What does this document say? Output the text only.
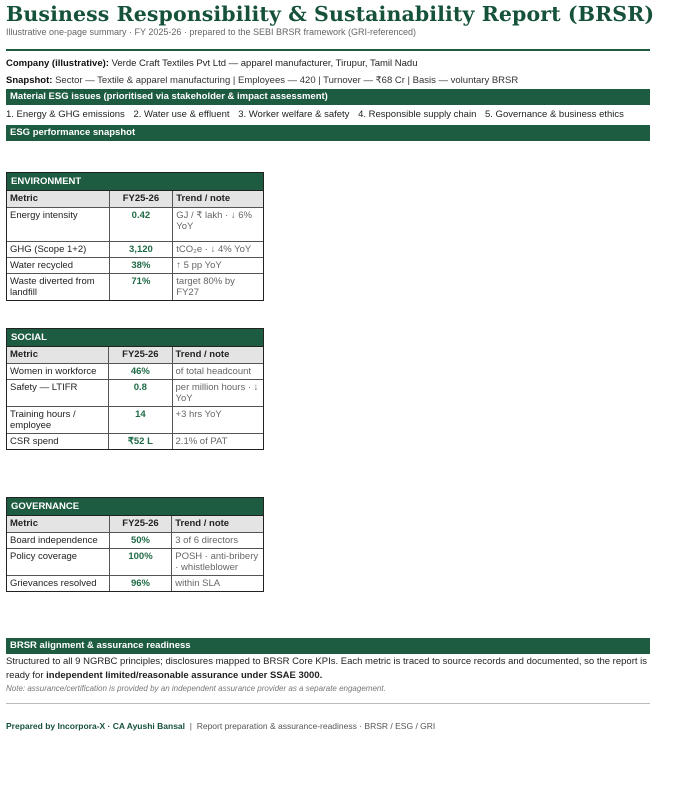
Business Responsibility & Sustainability Report (BRSR)
Illustrative one-page summary · FY 2025-26 · prepared to the SEBI BRSR framework (GRI-referenced)
Company (illustrative): Verde Craft Textiles Pvt Ltd — apparel manufacturer, Tirupur, Tamil Nadu
Snapshot: Sector — Textile & apparel manufacturing | Employees — 420 | Turnover — ₹68 Cr | Basis — voluntary BRSR
Material ESG issues (prioritised via stakeholder & impact assessment)
1. Energy & GHG emissions 2. Water use & effluent 3. Worker welfare & safety 4. Responsible supply chain 5. Governance & business ethics
ESG performance snapshot
ENVIRONMENT
Metric	FY25-26	Trend / note
Energy intensity	0.42	GJ / ₹ lakh · ↓ 6% YoY
GHG (Scope 1+2)	3,120	tCO₂e · ↓ 4% YoY
Water recycled	38%	↑ 5 pp YoY
Waste diverted from landfill	71%	target 80% by FY27
SOCIAL
Metric	FY25-26	Trend / note
Women in workforce	46%	of total headcount
Safety — LTIFR	0.8	per million hours · ↓ YoY
Training hours / employee	14	+3 hrs YoY
CSR spend	₹52 L	2.1% of PAT
GOVERNANCE
Metric	FY25-26	Trend / note
Board independence	50%	3 of 6 directors
Policy coverage	100%	POSH · anti-bribery · whistleblower
Grievances resolved	96%	within SLA
BRSR alignment & assurance readiness
Structured to all 9 NGRBC principles; disclosures mapped to BRSR Core KPIs. Each metric is traced to source records and documented, so the report is ready for independent limited/reasonable assurance under SSAE 3000.
Note: assurance/certification is provided by an independent assurance provider as a separate engagement.
Prepared by Incorpora-X · CA Ayushi Bansal | Report preparation & assurance-readiness · BRSR / ESG / GRI
